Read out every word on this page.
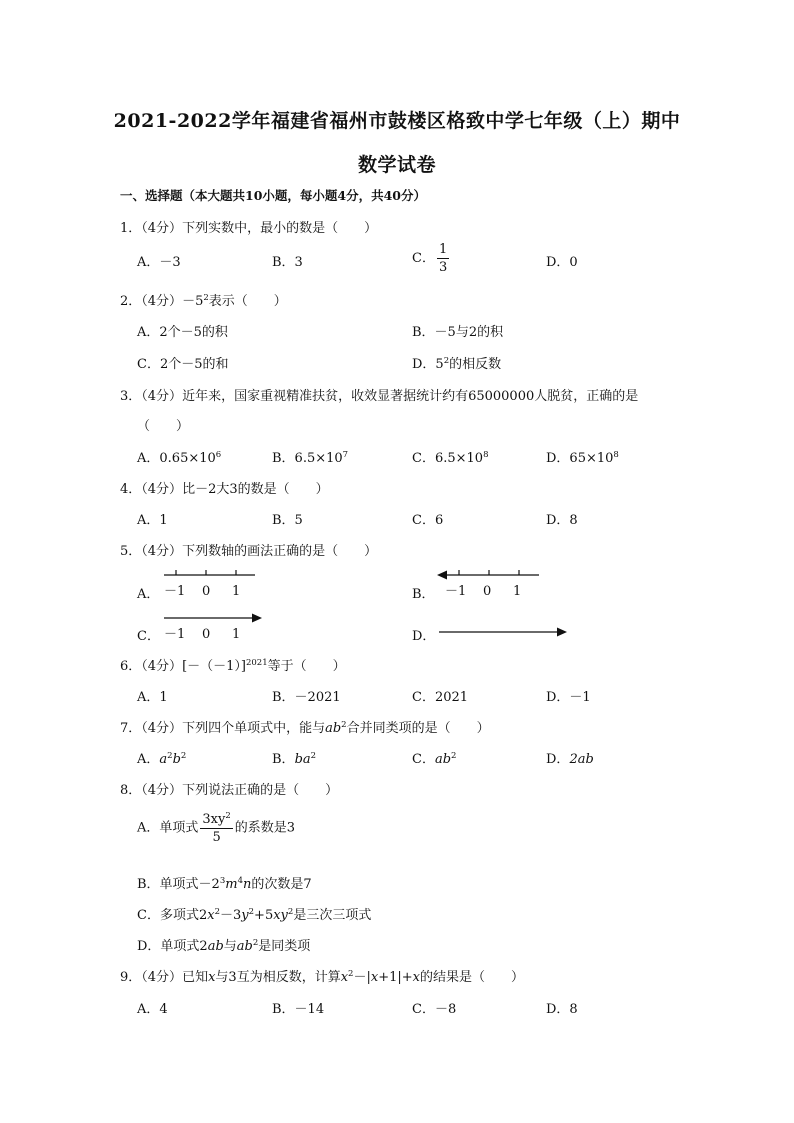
2021-2022学年福建省福州市鼓楼区格致中学七年级（上）期中
数学试卷
一、选择题（本大题共10小题，每小题4分，共40分）
1．（4分）下列实数中，最小的数是（　　）
A．－3	B．3	C． $\frac{1}{3}$	D．0
2．（4分）$-5^2$表示（　　）
A．2个－5的积	B．－5与2的积
C．2个－5的和	D．$5^2$的相反数
3．（4分）近年来，国家重视精准扶贫，收效显著据统计约有65000000人脱贫，正确的是
（　　）
A．$0.65\times 10^6$	B．$6.5\times 10^7$	C．$6.5\times 10^8$	D．$65\times 10^8$
4．（4分）比－2大3的数是（　　）
A．1	B．5	C．6	D．8
5．（4分）下列数轴的画法正确的是（　　）
A． －1 0 1	B． －1 0 1
C． －1 0 1	D．
6．（4分）$[-(-1)]^{2021}$等于（　　）
A．1	B．－2021	C．2021	D．－1
7．（4分）下列四个单项式中，能与$ab^2$合并同类项的是（　　）
A．$a^2b^2$	B．$ba^2$	C．$ab^2$	D．2ab
8．（4分）下列说法正确的是（　　）
A．单项式 $\frac{3xy^2}{5}$ 的系数是3
B．单项式$-2^3m^4n$的次数是7
C．多项式$2x^2-3y^2+5xy^2$是三次三项式
D．单项式2ab与$ab^2$是同类项
9．（4分）已知x与3互为相反数，计算$x^2-|x+1|+x$的结果是（　　）
A．4	B．－14	C．－8	D．8
